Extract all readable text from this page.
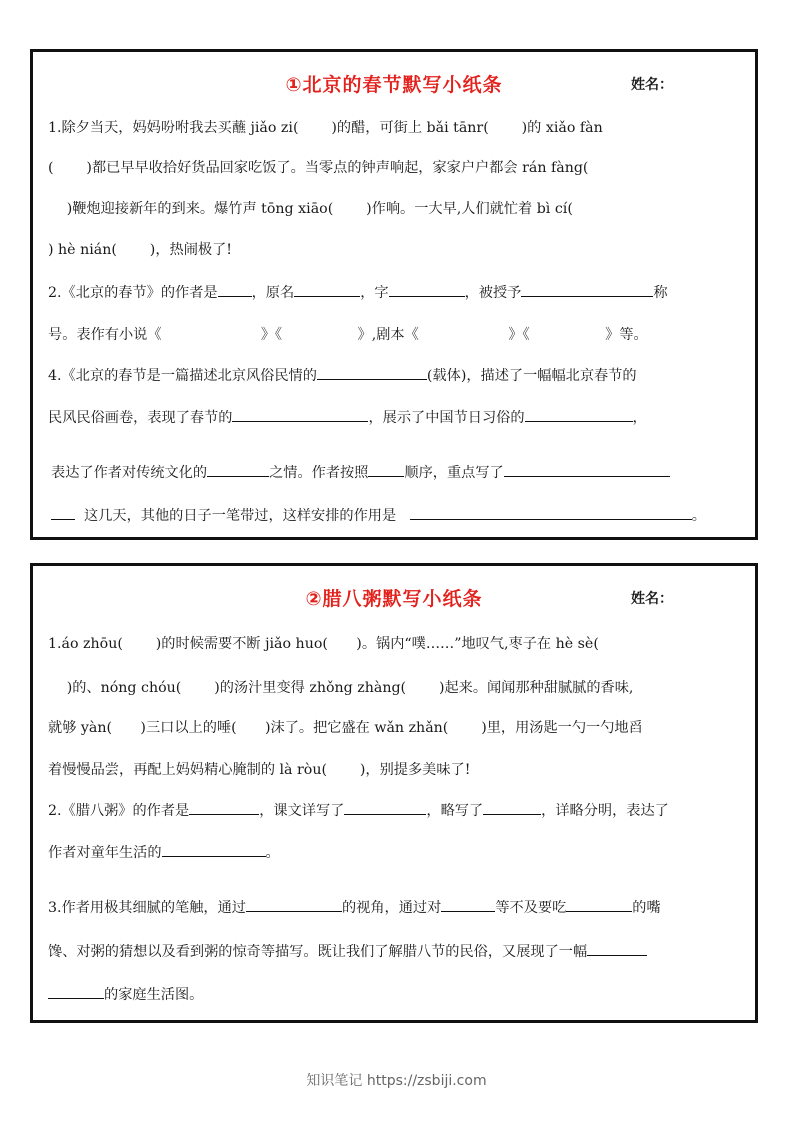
①北京的春节默写小纸条	姓名：
1.除夕当天，妈妈吩咐我去买蘸 jiǎo zi(　　 )的醋，可街上 bǎi tānr(　　 )的 xiǎo fàn
(　　 )都已早早收拾好货品回家吃饭了。当零点的钟声响起，家家户户都会 rán fàng(
　 )鞭炮迎接新年的到来。爆竹声 tōng xiāo(　　 )作响。一大早,人们就忙着 bì cí(
) hè nián(　　 )，热闹极了!
2.《北京的春节》的作者是 ，原名	，字	，被授予	称
号。表作有小说《　　　　　　　》《　　　　　 》,剧本《　　　　　　 》《　　　　　 》等。
4.《北京的春节是一篇描述北京风俗民情的	(载体)，描述了一幅幅北京春节的
民风民俗画卷，表现了春节的	，展示了中国节日习俗的	，
表达了作者对传统文化的	之情。作者按照	顺序，重点写了
这几天，其他的日子一笔带过，这样安排的作用是	。
②腊八粥默写小纸条	姓名：
1.áo zhōu(　　 )的时候需要不断 jiǎo huo(　　)。锅内“噗……”地叹气,枣子在 hè sè(
　 )的、nóng chóu(　　 )的汤汁里变得 zhǒng zhàng(　　 )起来。闻闻那种甜腻腻的香味,
就够 yàn(　　)三口以上的唾(　　)沫了。把它盛在 wǎn zhǎn(　　 )里，用汤匙一勺一勺地舀
着慢慢品尝，再配上妈妈精心腌制的 là ròu(　　 )，别提多美味了!
2.《腊八粥》的作者是	，课文详写了	，略写了	，详略分明，表达了
作者对童年生活的	。
3.作者用极其细腻的笔触，通过	的视角，通过对	等不及要吃	的嘴
馋、对粥的猜想以及看到粥的惊奇等描写。既让我们了解腊八节的民俗，又展现了一幅
的家庭生活图。
知识笔记 https://zsbiji.com
